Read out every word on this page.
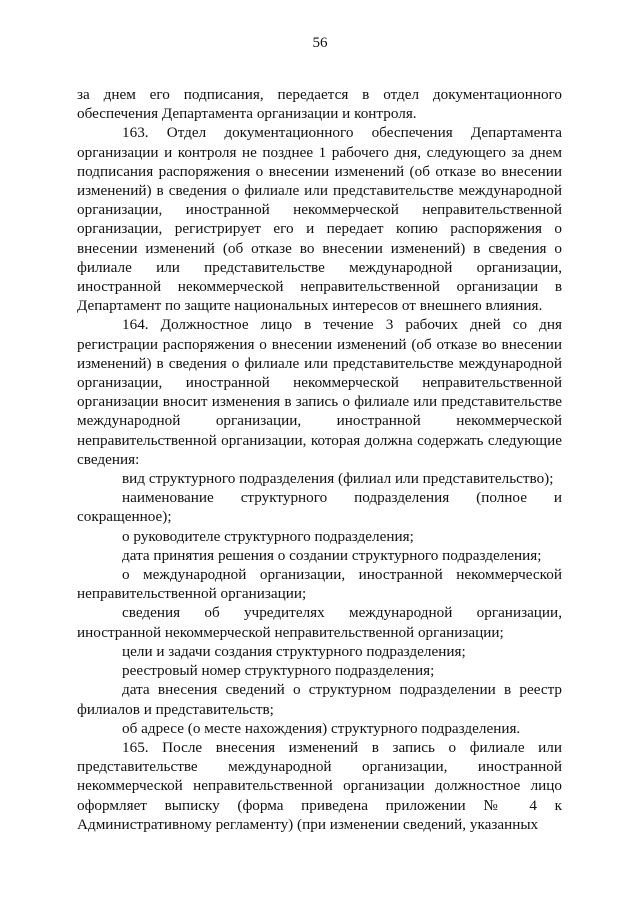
56

за днем его подписания, передается в отдел документационного обеспечения Департамента организации и контроля.

163. Отдел документационного обеспечения Департамента организации и контроля не позднее 1 рабочего дня, следующего за днем подписания распоряжения о внесении изменений (об отказе во внесении изменений) в сведения о филиале или представительстве международной организации, иностранной некоммерческой неправительственной организации, регистрирует его и передает копию распоряжения о внесении изменений (об отказе во внесении изменений) в сведения о филиале или представительстве международной организации, иностранной некоммерческой неправительственной организации в Департамент по защите национальных интересов от внешнего влияния.

164. Должностное лицо в течение 3 рабочих дней со дня регистрации распоряжения о внесении изменений (об отказе во внесении изменений) в сведения о филиале или представительстве международной организации, иностранной некоммерческой неправительственной организации вносит изменения в запись о филиале или представительстве международной организации, иностранной некоммерческой неправительственной организации, которая должна содержать следующие сведения:

вид структурного подразделения (филиал или представительство);

наименование структурного подразделения (полное и сокращенное);

о руководителе структурного подразделения;

дата принятия решения о создании структурного подразделения;

о международной организации, иностранной некоммерческой неправительственной организации;

сведения об учредителях международной организации, иностранной некоммерческой неправительственной организации;

цели и задачи создания структурного подразделения;

реестровый номер структурного подразделения;

дата внесения сведений о структурном подразделении в реестр филиалов и представительств;

об адресе (о месте нахождения) структурного подразделения.

165. После внесения изменений в запись о филиале или представительстве международной организации, иностранной некоммерческой неправительственной организации должностное лицо оформляет выписку (форма приведена приложении № 4 к Административному регламенту) (при изменении сведений, указанных
